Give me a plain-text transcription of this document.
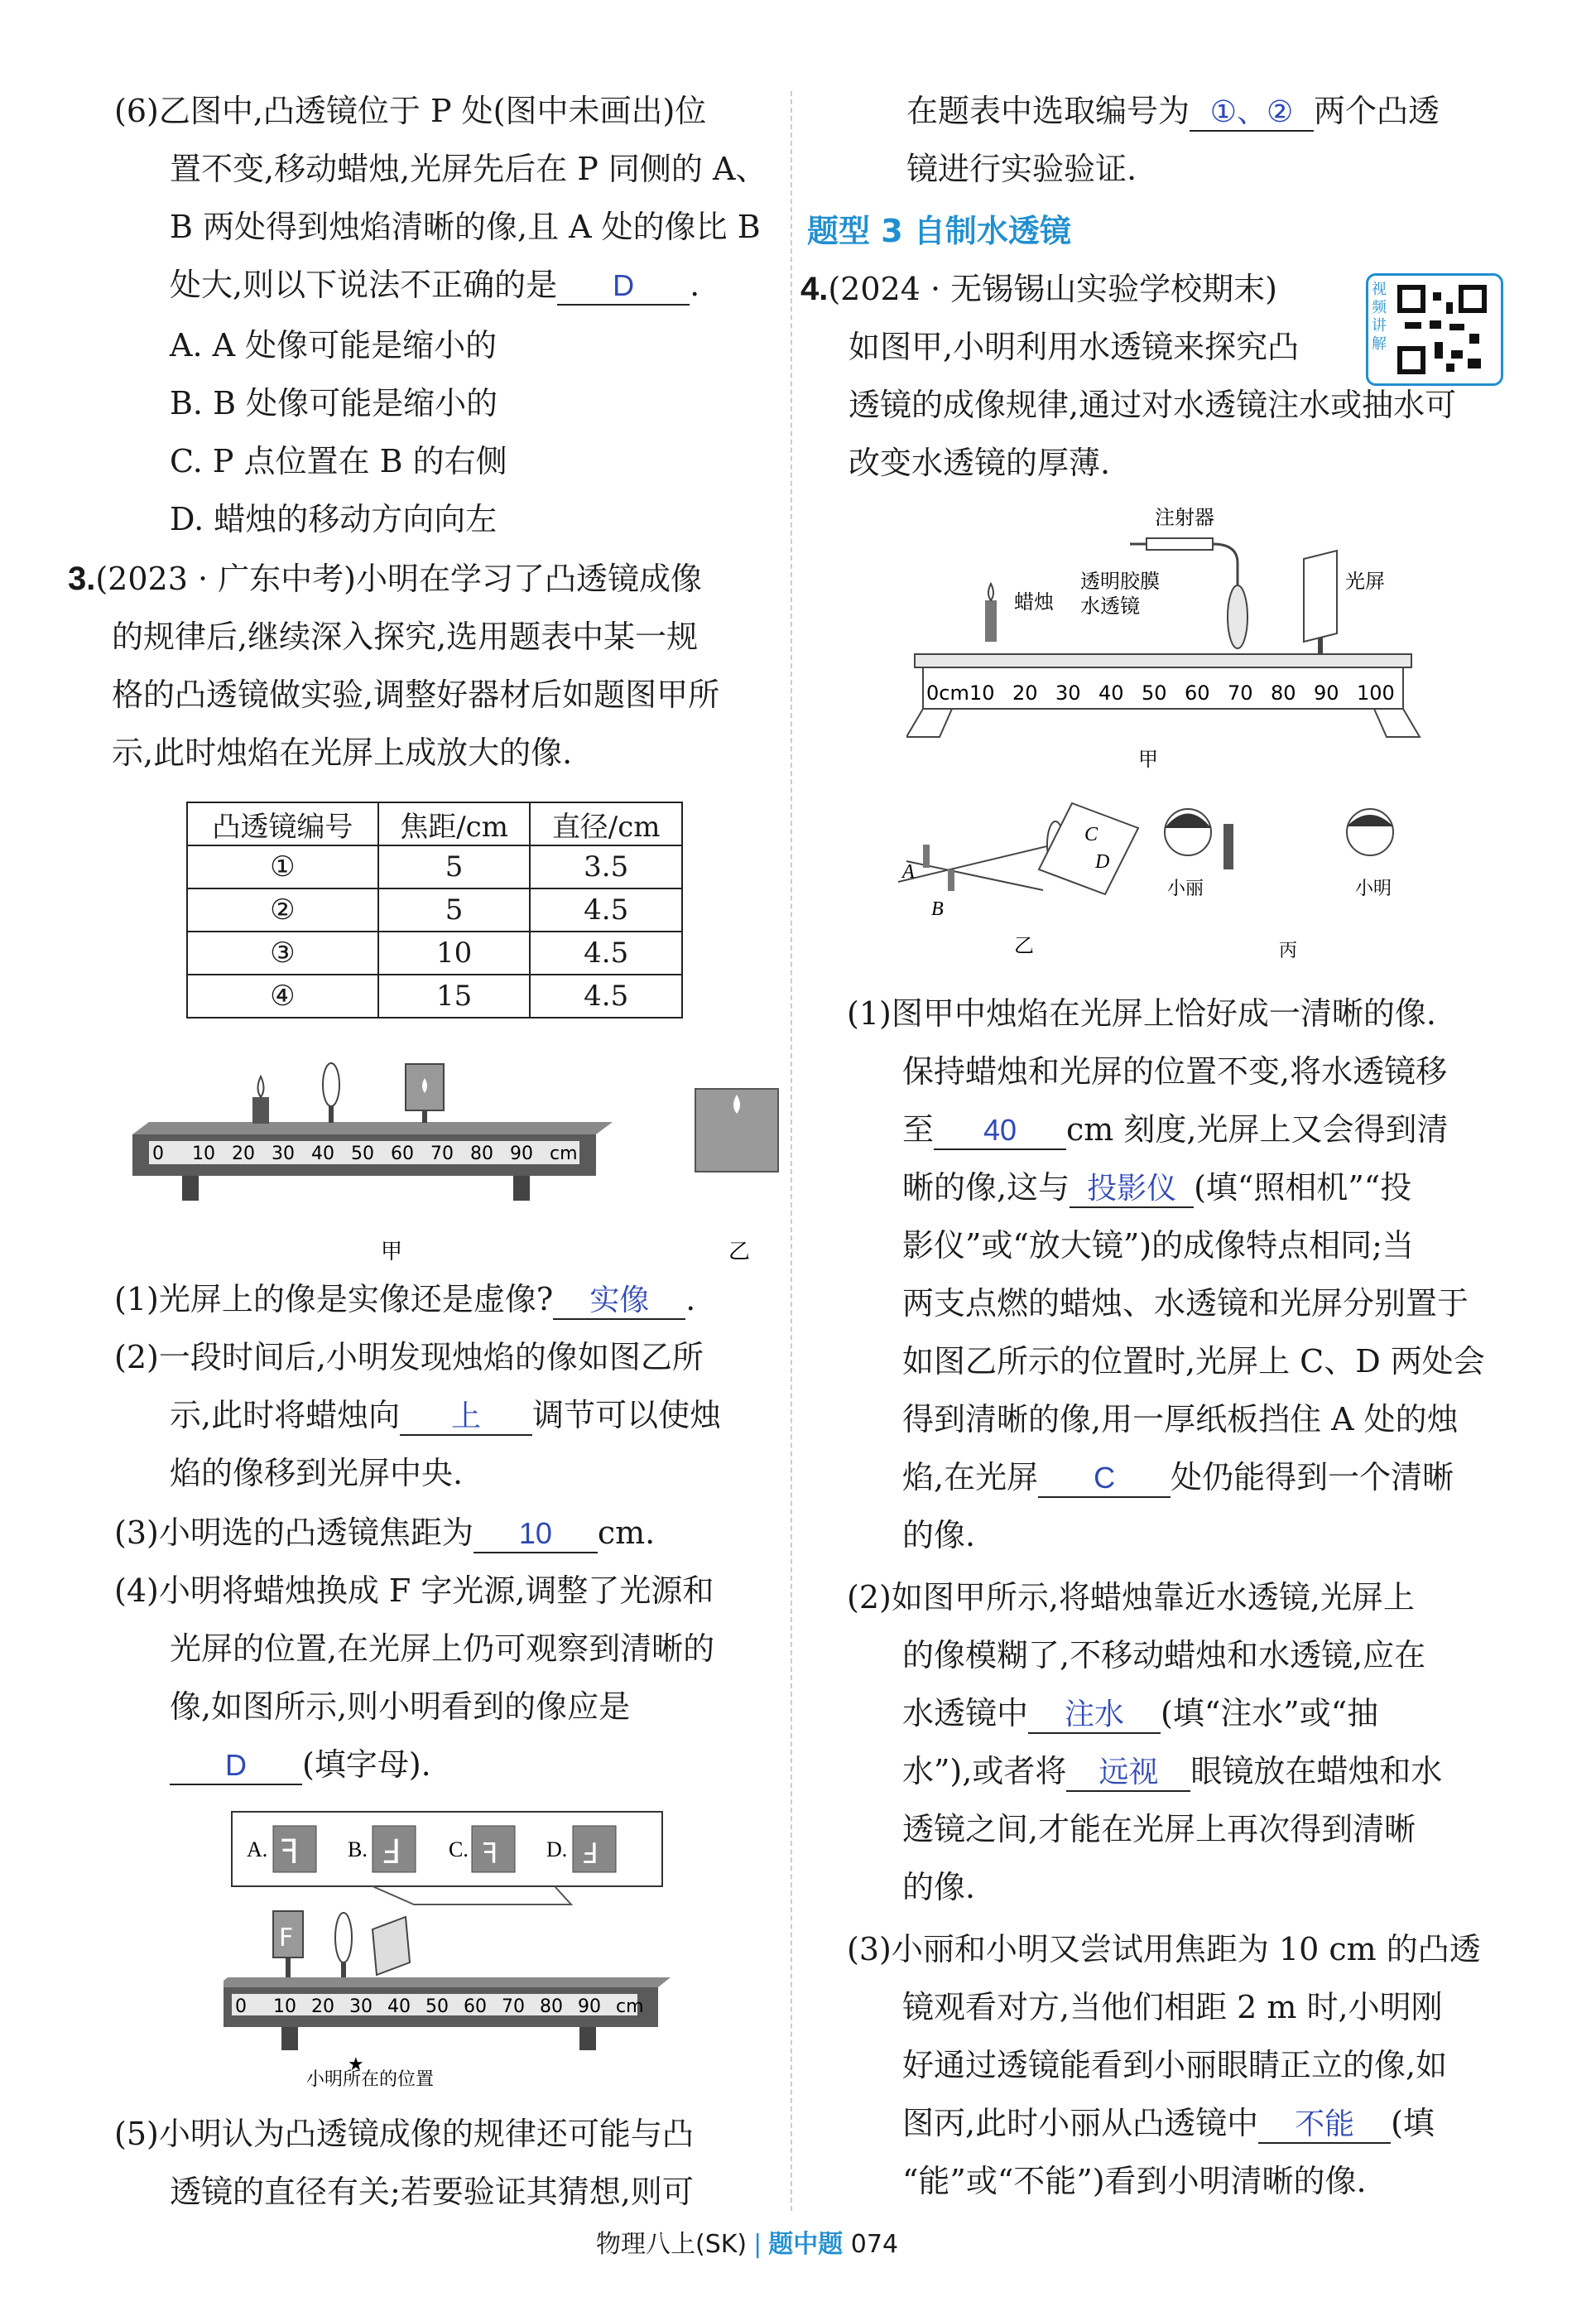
(6)乙图中,凸透镜位于 P 处(图中未画出)位
置不变,移动蜡烛,光屏先后在 P 同侧的 A、
B 两处得到烛焰清晰的像,且 A 处的像比 B
处大,则以下说法不正确的是 D .
A. A 处像可能是缩小的
B. B 处像可能是缩小的
C. P 点位置在 B 的右侧
D. 蜡烛的移动方向向左
3.(2023 · 广东中考)小明在学习了凸透镜成像
的规律后,继续深入探究,选用题表中某一规
格的凸透镜做实验,调整好器材后如题图甲所
示,此时烛焰在光屏上成放大的像.
凸透镜编号	焦距/cm	直径/cm
①	5	3.5
②	5	4.5
③	10	4.5
④	15	4.5
0 10 20 30 40 50 60 70 80 90 cm
甲	乙
(1)光屏上的像是实像还是虚像? 实像 .
(2)一段时间后,小明发现烛焰的像如图乙所
示,此时将蜡烛向 上 调节可以使烛
焰的像移到光屏中央.
(3)小明选的凸透镜焦距为 10 cm.
(4)小明将蜡烛换成 F 字光源,调整了光源和
光屏的位置,在光屏上仍可观察到清晰的
像,如图所示,则小明看到的像应是
D (填字母).
A. ꟻ B. Ⅎ C. ꟻ D. Ⅎ
0 10 20 30 40 50 60 70 80 90 cm
F
★
小明所在的位置
(5)小明认为凸透镜成像的规律还可能与凸
透镜的直径有关;若要验证其猜想,则可
在题表中选取编号为 ①、② 两个凸透
镜进行实验验证.
题型 3 自制水透镜
4.(2024 · 无锡锡山实验学校期末)
如图甲,小明利用水透镜来探究凸
透镜的成像规律,通过对水透镜注水或抽水可
改变水透镜的厚薄.
注射器
透明胶膜
水透镜
蜡烛
光屏
0cm 10 20 30 40 50 60 70 80 90 100
甲
A
B
C
D
乙
小丽	小明
丙
(1)图甲中烛焰在光屏上恰好成一清晰的像.
保持蜡烛和光屏的位置不变,将水透镜移
至 40 cm 刻度,光屏上又会得到清
晰的像,这与 投影仪 (填“照相机”“投
影仪”或“放大镜”)的成像特点相同;当
两支点燃的蜡烛、水透镜和光屏分别置于
如图乙所示的位置时,光屏上 C、D 两处会
得到清晰的像,用一厚纸板挡住 A 处的烛
焰,在光屏 C 处仍能得到一个清晰
的像.
(2)如图甲所示,将蜡烛靠近水透镜,光屏上
的像模糊了,不移动蜡烛和水透镜,应在
水透镜中 注水 (填“注水”或“抽
水”),或者将 远视 眼镜放在蜡烛和水
透镜之间,才能在光屏上再次得到清晰
的像.
(3)小丽和小明又尝试用焦距为 10 cm 的凸透
镜观看对方,当他们相距 2 m 时,小明刚
好通过透镜能看到小丽眼睛正立的像,如
图丙,此时小丽从凸透镜中 不能 (填
“能”或“不能”)看到小明清晰的像.
视频讲解
物理八上(SK) | 题中题 074
